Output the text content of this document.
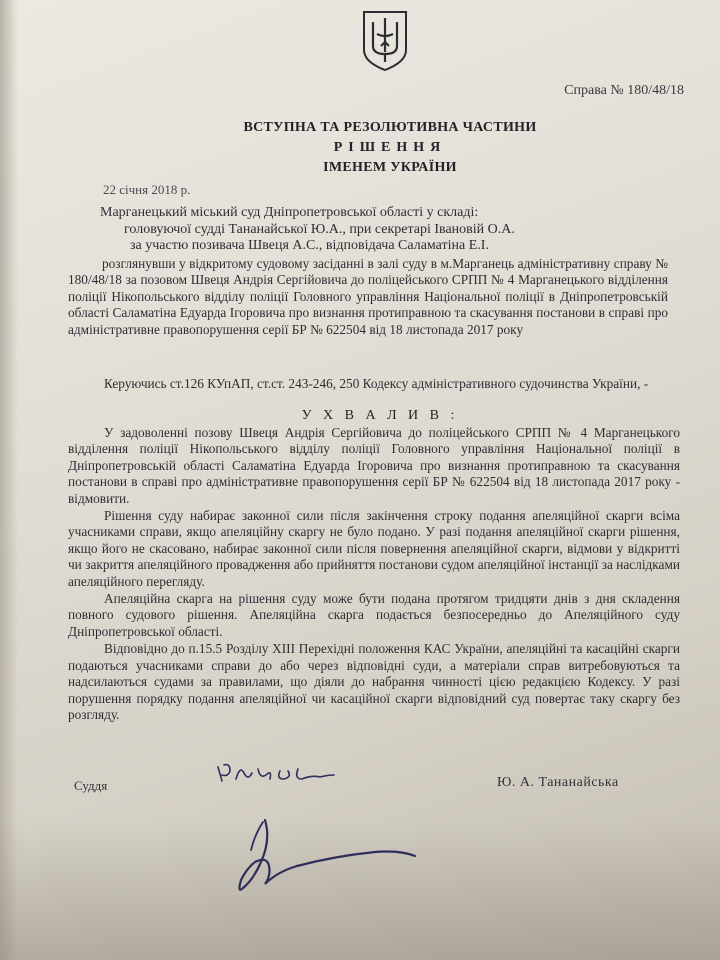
Справа № 180/48/18
ВСТУПНА ТА РЕЗОЛЮТИВНА ЧАСТИНИ
РІШЕННЯ
ІМЕНЕМ УКРАЇНИ
22 січня 2018 р.

Марганецький міський суд Дніпропетровської області у складі:

головуючої судді Тананайської Ю.А., при секретарі Івановій О.А.

за участю позивача Швеця А.С., відповідача Саламатіна Е.І.

розглянувши у відкритому судовому засіданні в залі суду в м.Марганець адміністративну справу № 180/48/18 за позовом Швеця Андрія Сергійовича до поліцейського СРПП № 4 Марганецького відділення поліції Нікопольського відділу поліції Головного управління Національної поліції в Дніпропетровській області Саламатіна Едуарда Ігоровича про визнання протиправною та скасування постанови в справі про адміністративне правопорушення серії БР № 622504 від 18 листопада 2017 року

Керуючись ст.126 КУпАП, ст.ст. 243-246, 250 Кодексу адміністративного судочинства України, -

У Х В А Л И В :

У задоволенні позову Швеця Андрія Сергійовича до поліцейського СРПП № 4 Марганецького відділення поліції Нікопольського відділу поліції Головного управління Національної поліції в Дніпропетровській області Саламатіна Едуарда Ігоровича про визнання протиправною та скасування постанови в справі про адміністративне правопорушення серії БР № 622504 від 18 листопада 2017 року - відмовити.

Рішення суду набирає законної сили після закінчення строку подання апеляційної скарги всіма учасниками справи, якщо апеляційну скаргу не було подано. У разі подання апеляційної скарги рішення, якщо його не скасовано, набирає законної сили після повернення апеляційної скарги, відмови у відкритті чи закриття апеляційного провадження або прийняття постанови судом апеляційної інстанції за наслідками апеляційного перегляду.

Апеляційна скарга на рішення суду може бути подана протягом тридцяти днів з дня складення повного судового рішення. Апеляційна скарга подається безпосередньо до Апеляційного суду Дніпропетровської області.

Відповідно до п.15.5 Розділу XIII Перехідні положення КАС України, апеляційні та касаційні скарги подаються учасниками справи до або через відповідні суди, а матеріали справ витребовуються та надсилаються судами за правилами, що діяли до набрання чинності цією редакцією Кодексу. У разі порушення порядку подання апеляційної чи касаційної скарги відповідний суд повертає таку скаргу без розгляду.

Суддя	Ю. А. Тананайська
